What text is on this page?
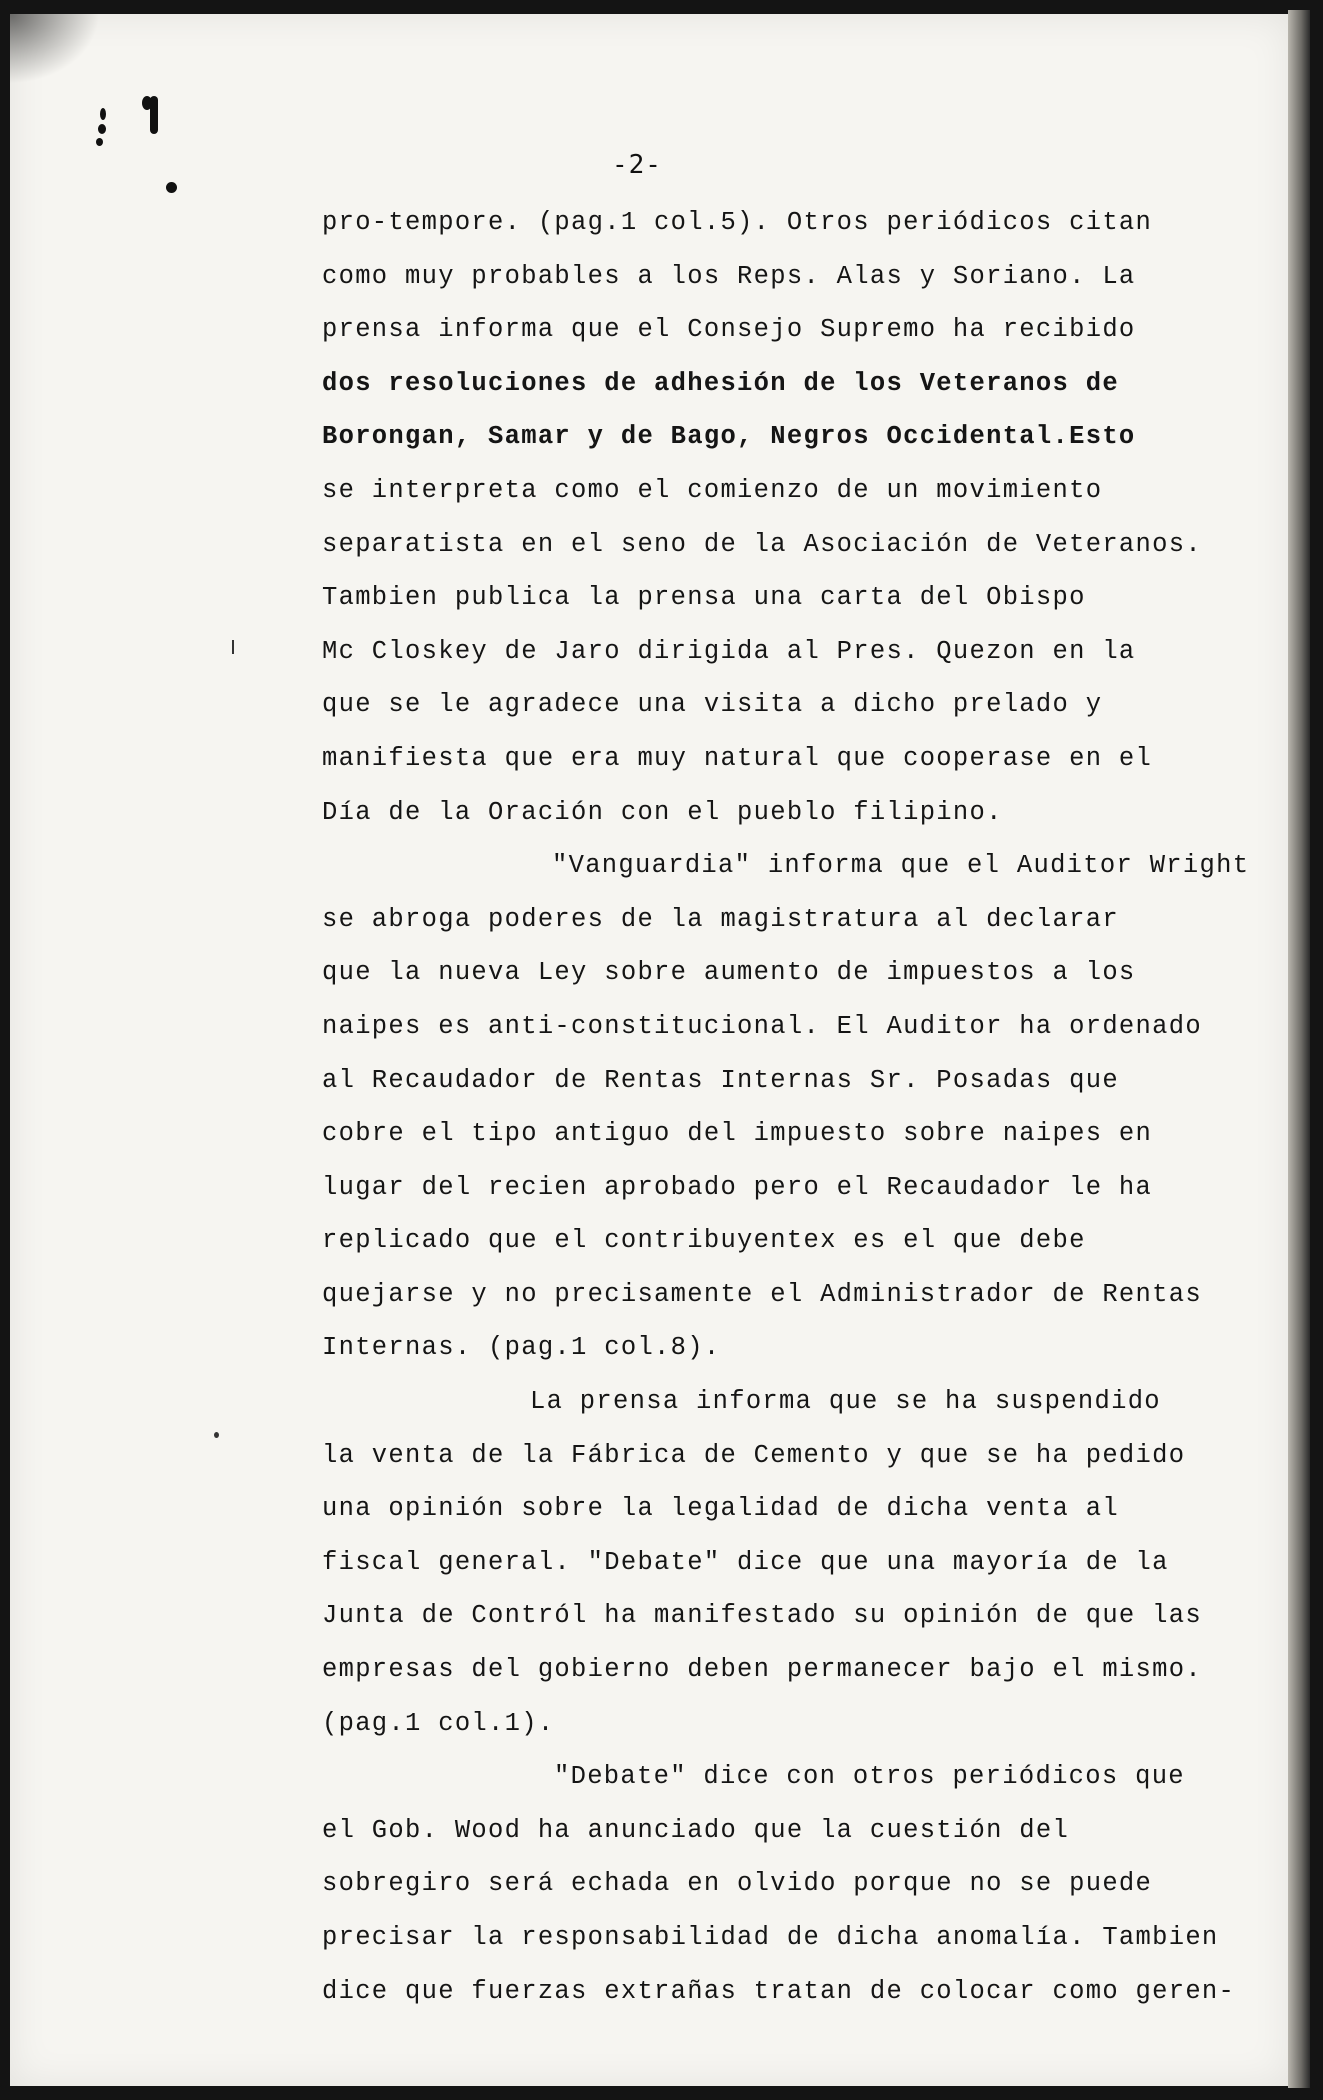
-2-
pro-tempore. (pag.1 col.5). Otros periódicos citan
como muy probables a los Reps. Alas y Soriano. La
prensa informa que el Consejo Supremo ha recibido
dos resoluciones de adhesión de los Veteranos de
Borongan, Samar y de Bago, Negros Occidental.Esto
se interpreta como el comienzo de un movimiento
separatista en el seno de la Asociación de Veteranos.
Tambien publica la prensa una carta del Obispo
Mc Closkey de Jaro dirigida al Pres. Quezon en la
que se le agradece una visita a dicho prelado y
manifiesta que era muy natural que cooperase en el
Día de la Oración con el pueblo filipino.
"Vanguardia" informa que el Auditor Wright
se abroga poderes de la magistratura al declarar
que la nueva Ley sobre aumento de impuestos a los
naipes es anti-constitucional. El Auditor ha ordenado
al Recaudador de Rentas Internas Sr. Posadas que
cobre el tipo antiguo del impuesto sobre naipes en
lugar del recien aprobado pero el Recaudador le ha
replicado que el contribuyentex es el que debe
quejarse y no precisamente el Administrador de Rentas
Internas. (pag.1 col.8).
La prensa informa que se ha suspendido
la venta de la Fábrica de Cemento y que se ha pedido
una opinión sobre la legalidad de dicha venta al
fiscal general. "Debate" dice que una mayoría de la
Junta de Contról ha manifestado su opinión de que las
empresas del gobierno deben permanecer bajo el mismo.
(pag.1 col.1).
"Debate" dice con otros periódicos que
el Gob. Wood ha anunciado que la cuestión del
sobregiro será echada en olvido porque no se puede
precisar la responsabilidad de dicha anomalía. Tambien
dice que fuerzas extrañas tratan de colocar como geren-
